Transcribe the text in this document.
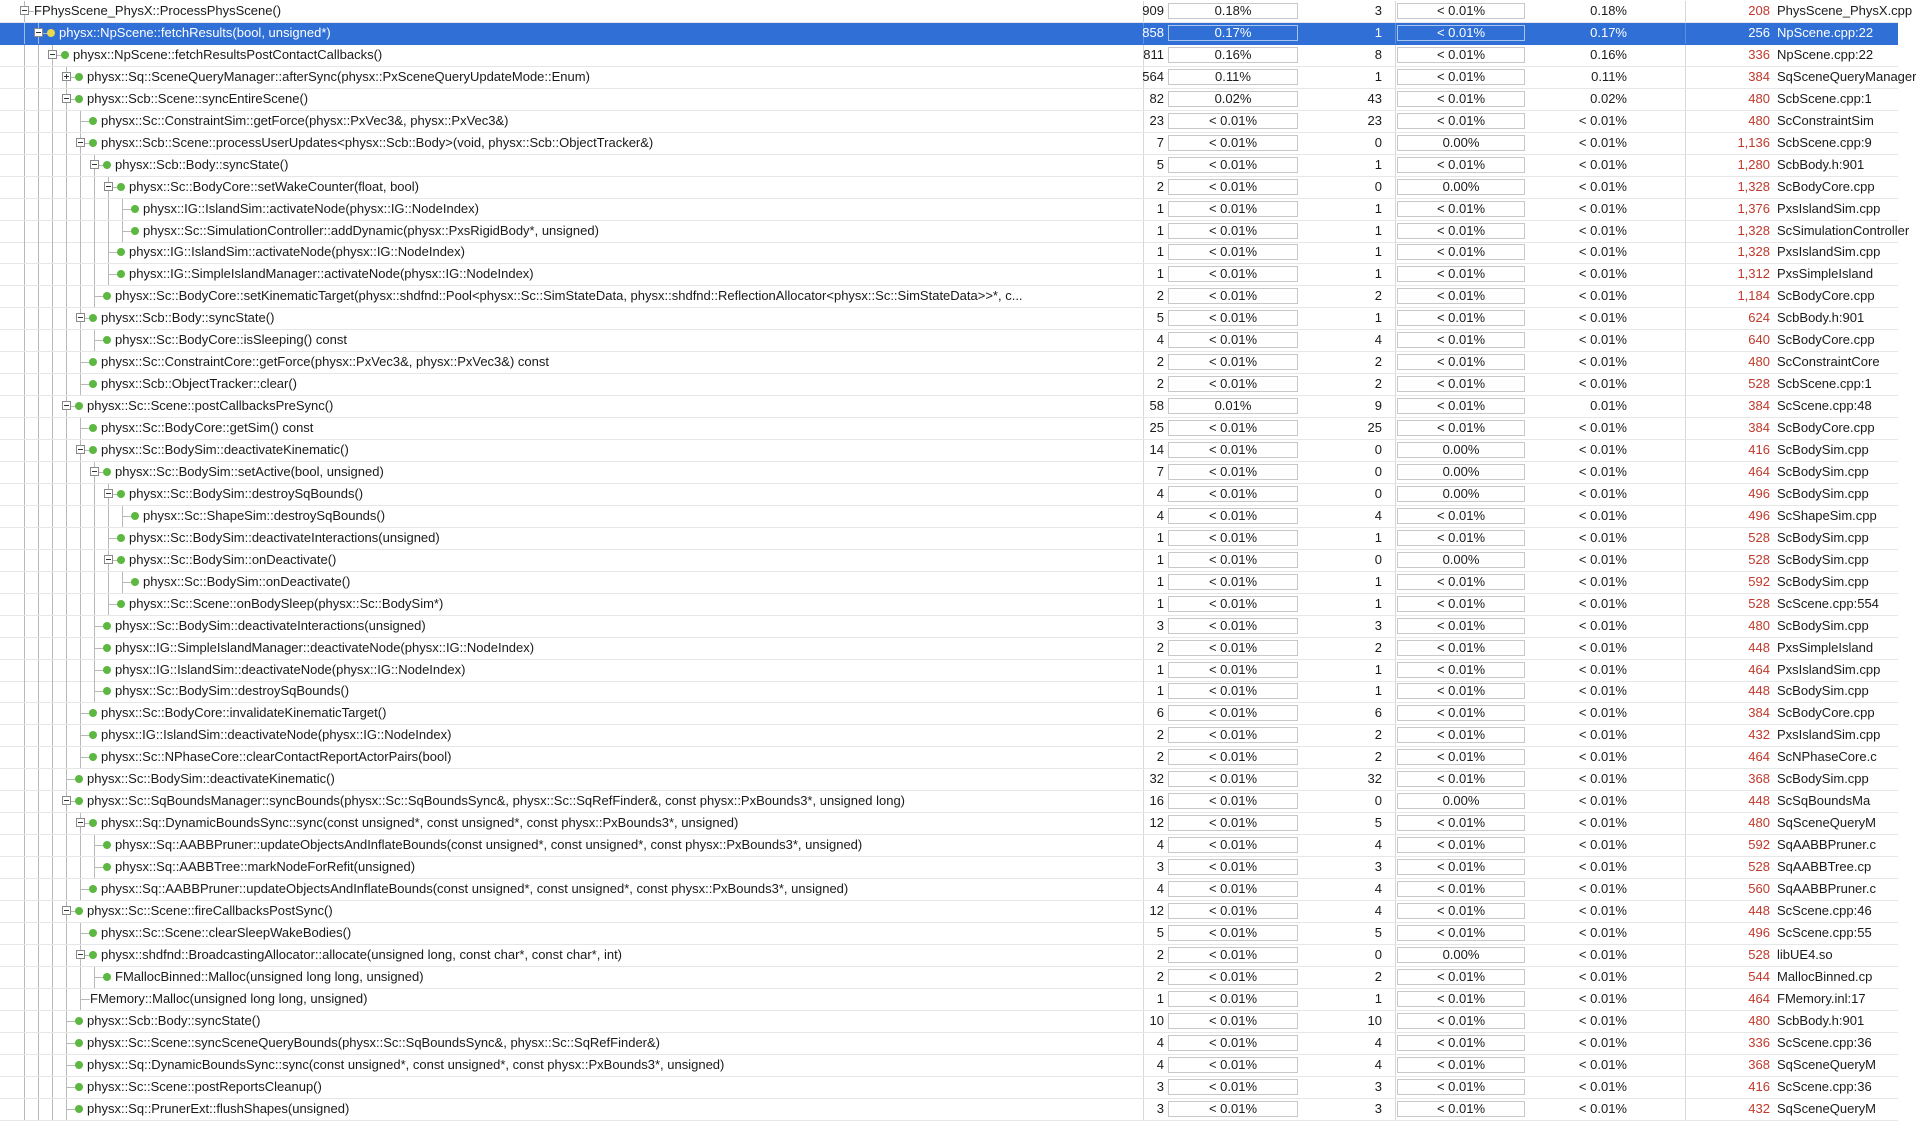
FPhysScene_PhysX::ProcessPhysScene()	909	0.18%	3	< 0.01%	0.18%	208 PhysScene_PhysX.cpp
physx::NpScene::fetchResults(bool, unsigned*)	858	0.17%	1	< 0.01%	0.17%	256 NpScene.cpp:22
physx::NpScene::fetchResultsPostContactCallbacks()	811	0.16%	8	< 0.01%	0.16%	336 NpScene.cpp:22
physx::Sq::SceneQueryManager::afterSync(physx::PxSceneQueryUpdateMode::Enum)	564	0.11%	1	< 0.01%	0.11%	384 SqSceneQueryManager
physx::Scb::Scene::syncEntireScene()	82	0.02%	43	< 0.01%	0.02%	480 ScbScene.cpp:1
physx::Sc::ConstraintSim::getForce(physx::PxVec3&, physx::PxVec3&)	23	< 0.01%	23	< 0.01%	< 0.01%	480 ScConstraintSim
physx::Scb::Scene::processUserUpdates<physx::Scb::Body>(void, physx::Scb::ObjectTracker&)	7	< 0.01%	0	0.00%	< 0.01%	1,136 ScbScene.cpp:9
physx::Scb::Body::syncState()	5	< 0.01%	1	< 0.01%	< 0.01%	1,280 ScbBody.h:901
physx::Sc::BodyCore::setWakeCounter(float, bool)	2	< 0.01%	0	0.00%	< 0.01%	1,328 ScBodyCore.cpp
physx::IG::IslandSim::activateNode(physx::IG::NodeIndex)	1	< 0.01%	1	< 0.01%	< 0.01%	1,376 PxsIslandSim.cpp
physx::Sc::SimulationController::addDynamic(physx::PxsRigidBody*, unsigned)	1	< 0.01%	1	< 0.01%	< 0.01%	1,328 ScSimulationController
physx::IG::IslandSim::activateNode(physx::IG::NodeIndex)	1	< 0.01%	1	< 0.01%	< 0.01%	1,328 PxsIslandSim.cpp
physx::IG::SimpleIslandManager::activateNode(physx::IG::NodeIndex)	1	< 0.01%	1	< 0.01%	< 0.01%	1,312 PxsSimpleIsland
physx::Sc::BodyCore::setKinematicTarget(physx::shdfnd::Pool<physx::Sc::SimStateData, physx::shdfnd::ReflectionAllocator<physx::Sc::SimStateData>>*, c...	2	< 0.01%	2	< 0.01%	< 0.01%	1,184 ScBodyCore.cpp
physx::Scb::Body::syncState()	5	< 0.01%	1	< 0.01%	< 0.01%	624 ScbBody.h:901
physx::Sc::BodyCore::isSleeping() const	4	< 0.01%	4	< 0.01%	< 0.01%	640 ScBodyCore.cpp
physx::Sc::ConstraintCore::getForce(physx::PxVec3&, physx::PxVec3&) const	2	< 0.01%	2	< 0.01%	< 0.01%	480 ScConstraintCore
physx::Scb::ObjectTracker::clear()	2	< 0.01%	2	< 0.01%	< 0.01%	528 ScbScene.cpp:1
physx::Sc::Scene::postCallbacksPreSync()	58	0.01%	9	< 0.01%	0.01%	384 ScScene.cpp:48
physx::Sc::BodyCore::getSim() const	25	< 0.01%	25	< 0.01%	< 0.01%	384 ScBodyCore.cpp
physx::Sc::BodySim::deactivateKinematic()	14	< 0.01%	0	0.00%	< 0.01%	416 ScBodySim.cpp
physx::Sc::BodySim::setActive(bool, unsigned)	7	< 0.01%	0	0.00%	< 0.01%	464 ScBodySim.cpp
physx::Sc::BodySim::destroySqBounds()	4	< 0.01%	0	0.00%	< 0.01%	496 ScBodySim.cpp
physx::Sc::ShapeSim::destroySqBounds()	4	< 0.01%	4	< 0.01%	< 0.01%	496 ScShapeSim.cpp
physx::Sc::BodySim::deactivateInteractions(unsigned)	1	< 0.01%	1	< 0.01%	< 0.01%	528 ScBodySim.cpp
physx::Sc::BodySim::onDeactivate()	1	< 0.01%	0	0.00%	< 0.01%	528 ScBodySim.cpp
physx::Sc::BodySim::onDeactivate()	1	< 0.01%	1	< 0.01%	< 0.01%	592 ScBodySim.cpp
physx::Sc::Scene::onBodySleep(physx::Sc::BodySim*)	1	< 0.01%	1	< 0.01%	< 0.01%	528 ScScene.cpp:554
physx::Sc::BodySim::deactivateInteractions(unsigned)	3	< 0.01%	3	< 0.01%	< 0.01%	480 ScBodySim.cpp
physx::IG::SimpleIslandManager::deactivateNode(physx::IG::NodeIndex)	2	< 0.01%	2	< 0.01%	< 0.01%	448 PxsSimpleIsland
physx::IG::IslandSim::deactivateNode(physx::IG::NodeIndex)	1	< 0.01%	1	< 0.01%	< 0.01%	464 PxsIslandSim.cpp
physx::Sc::BodySim::destroySqBounds()	1	< 0.01%	1	< 0.01%	< 0.01%	448 ScBodySim.cpp
physx::Sc::BodyCore::invalidateKinematicTarget()	6	< 0.01%	6	< 0.01%	< 0.01%	384 ScBodyCore.cpp
physx::IG::IslandSim::deactivateNode(physx::IG::NodeIndex)	2	< 0.01%	2	< 0.01%	< 0.01%	432 PxsIslandSim.cpp
physx::Sc::NPhaseCore::clearContactReportActorPairs(bool)	2	< 0.01%	2	< 0.01%	< 0.01%	464 ScNPhaseCore.c
physx::Sc::BodySim::deactivateKinematic()	32	< 0.01%	32	< 0.01%	< 0.01%	368 ScBodySim.cpp
physx::Sc::SqBoundsManager::syncBounds(physx::Sc::SqBoundsSync&, physx::Sc::SqRefFinder&, const physx::PxBounds3*, unsigned long)	16	< 0.01%	0	0.00%	< 0.01%	448 ScSqBoundsMa
physx::Sq::DynamicBoundsSync::sync(const unsigned*, const unsigned*, const physx::PxBounds3*, unsigned)	12	< 0.01%	5	< 0.01%	< 0.01%	480 SqSceneQueryM
physx::Sq::AABBPruner::updateObjectsAndInflateBounds(const unsigned*, const unsigned*, const physx::PxBounds3*, unsigned)	4	< 0.01%	4	< 0.01%	< 0.01%	592 SqAABBPruner.c
physx::Sq::AABBTree::markNodeForRefit(unsigned)	3	< 0.01%	3	< 0.01%	< 0.01%	528 SqAABBTree.cp
physx::Sq::AABBPruner::updateObjectsAndInflateBounds(const unsigned*, const unsigned*, const physx::PxBounds3*, unsigned)	4	< 0.01%	4	< 0.01%	< 0.01%	560 SqAABBPruner.c
physx::Sc::Scene::fireCallbacksPostSync()	12	< 0.01%	4	< 0.01%	< 0.01%	448 ScScene.cpp:46
physx::Sc::Scene::clearSleepWakeBodies()	5	< 0.01%	5	< 0.01%	< 0.01%	496 ScScene.cpp:55
physx::shdfnd::BroadcastingAllocator::allocate(unsigned long, const char*, const char*, int)	2	< 0.01%	0	0.00%	< 0.01%	528 libUE4.so
FMallocBinned::Malloc(unsigned long long, unsigned)	2	< 0.01%	2	< 0.01%	< 0.01%	544 MallocBinned.cp
FMemory::Malloc(unsigned long long, unsigned)	1	< 0.01%	1	< 0.01%	< 0.01%	464 FMemory.inl:17
physx::Scb::Body::syncState()	10	< 0.01%	10	< 0.01%	< 0.01%	480 ScbBody.h:901
physx::Sc::Scene::syncSceneQueryBounds(physx::Sc::SqBoundsSync&, physx::Sc::SqRefFinder&)	4	< 0.01%	4	< 0.01%	< 0.01%	336 ScScene.cpp:36
physx::Sq::DynamicBoundsSync::sync(const unsigned*, const unsigned*, const physx::PxBounds3*, unsigned)	4	< 0.01%	4	< 0.01%	< 0.01%	368 SqSceneQueryM
physx::Sc::Scene::postReportsCleanup()	3	< 0.01%	3	< 0.01%	< 0.01%	416 ScScene.cpp:36
physx::Sq::PrunerExt::flushShapes(unsigned)	3	< 0.01%	3	< 0.01%	< 0.01%	432 SqSceneQueryM
